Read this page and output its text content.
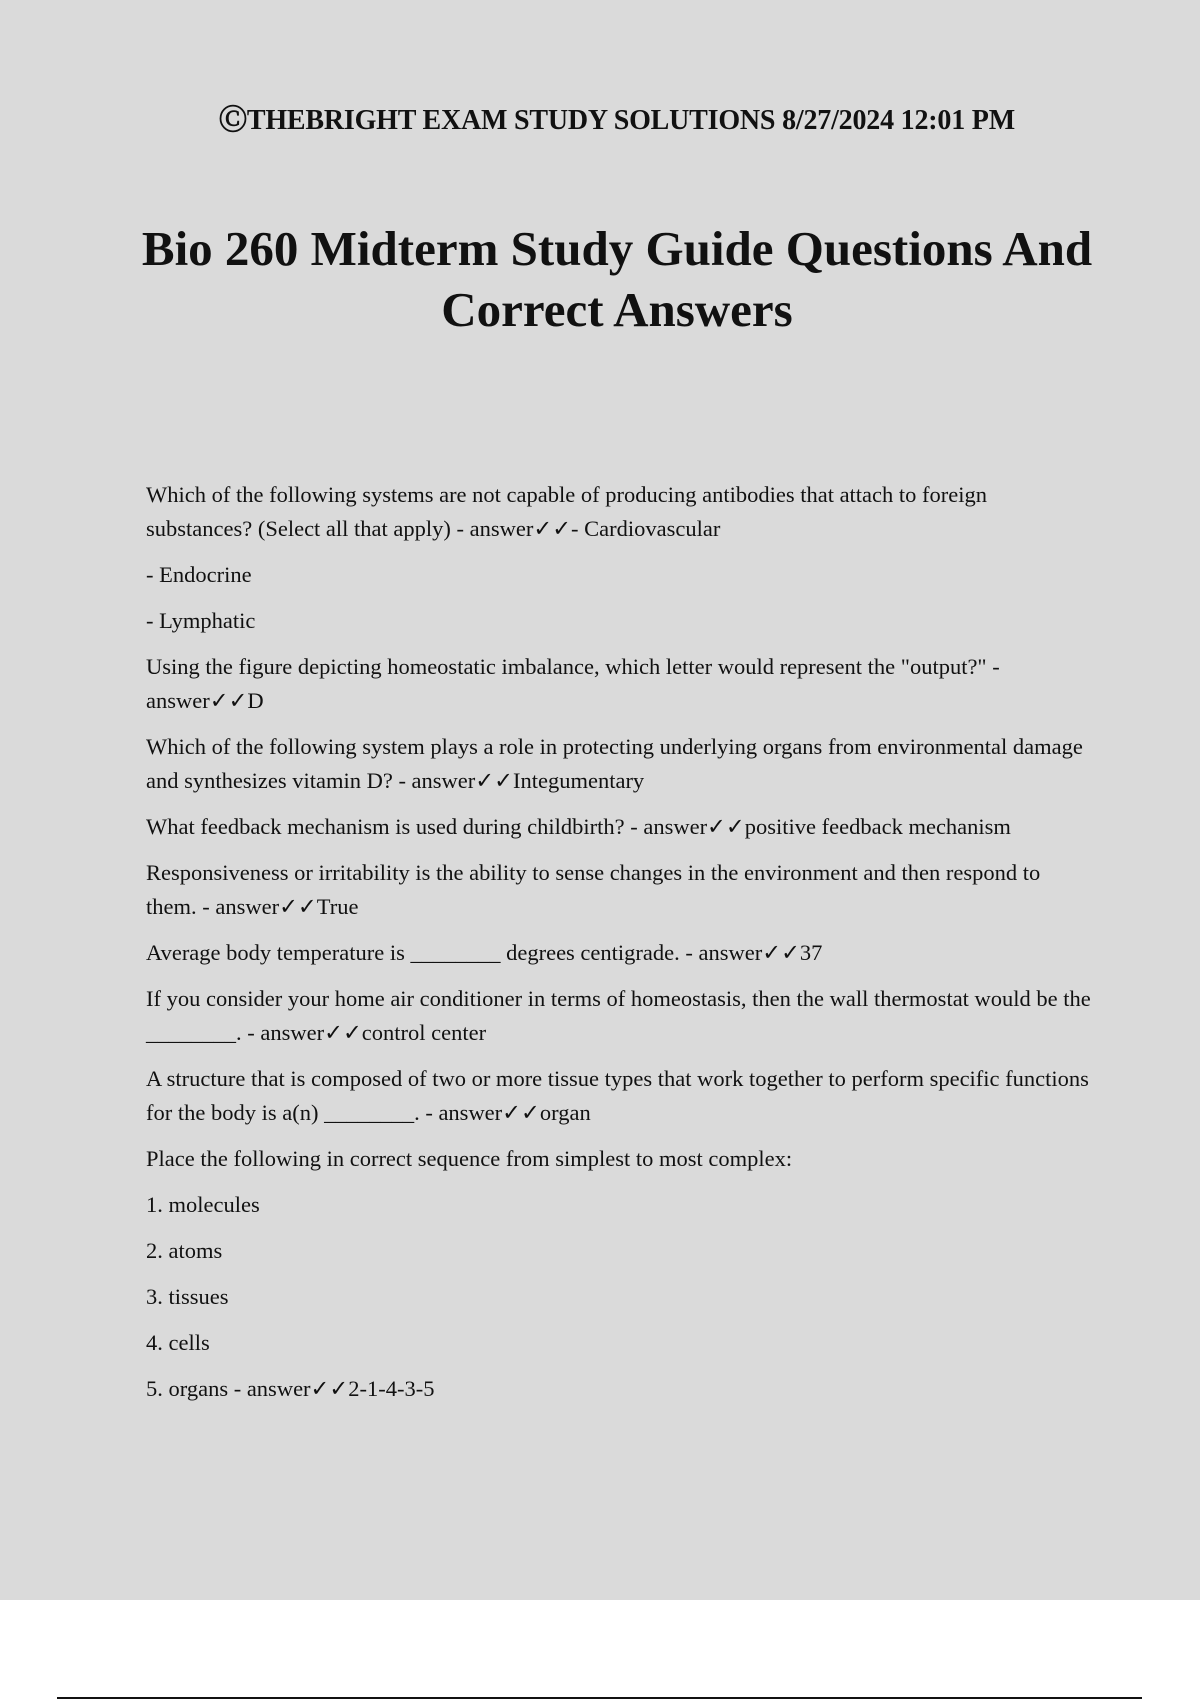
ⒸTHEBRIGHT EXAM STUDY SOLUTIONS 8/27/2024 12:01 PM
Bio 260 Midterm Study Guide Questions And Correct Answers

Which of the following systems are not capable of producing antibodies that attach to foreign substances? (Select all that apply) - answer✓✓- Cardiovascular

- Endocrine

- Lymphatic

Using the figure depicting homeostatic imbalance, which letter would represent the "output?" - answer✓✓D

Which of the following system plays a role in protecting underlying organs from environmental damage and synthesizes vitamin D? - answer✓✓Integumentary

What feedback mechanism is used during childbirth? - answer✓✓positive feedback mechanism

Responsiveness or irritability is the ability to sense changes in the environment and then respond to them. - answer✓✓True

Average body temperature is ________ degrees centigrade. - answer✓✓37

If you consider your home air conditioner in terms of homeostasis, then the wall thermostat would be the ________. - answer✓✓control center

A structure that is composed of two or more tissue types that work together to perform specific functions for the body is a(n) ________. - answer✓✓organ

Place the following in correct sequence from simplest to most complex:

1. molecules

2. atoms

3. tissues

4. cells

5. organs - answer✓✓2-1-4-3-5
